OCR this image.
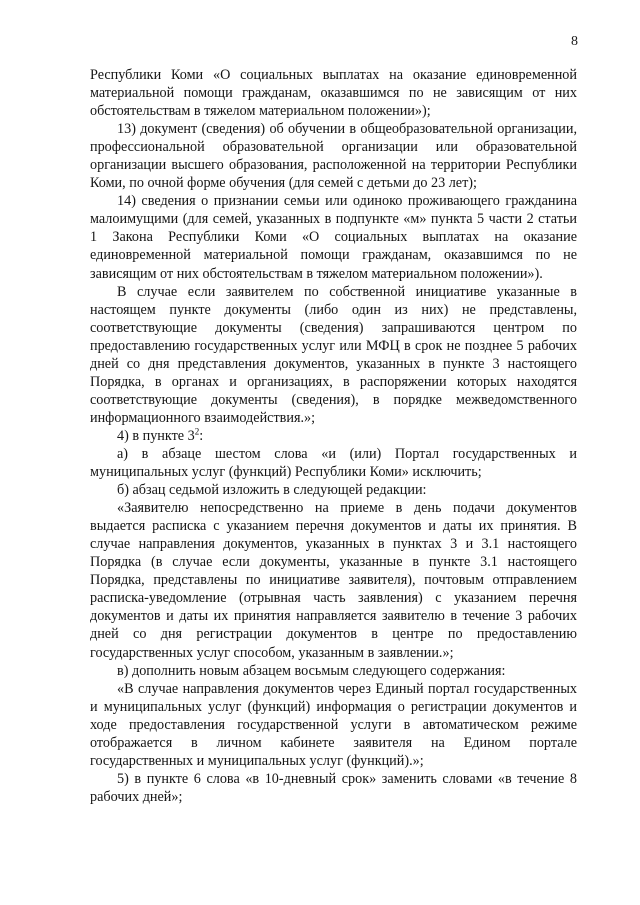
8

Республики Коми «О социальных выплатах на оказание единовременной материальной помощи гражданам, оказавшимся по не зависящим от них обстоятельствам в тяжелом материальном положении»);

13) документ (сведения) об обучении в общеобразовательной организации, профессиональной образовательной организации или образовательной организации высшего образования, расположенной на территории Республики Коми, по очной форме обучения (для семей с детьми до 23 лет);

14) сведения о признании семьи или одиноко проживающего гражданина малоимущими (для семей, указанных в подпункте «м» пункта 5 части 2 статьи 1 Закона Республики Коми «О социальных выплатах на оказание единовременной материальной помощи гражданам, оказавшимся по не зависящим от них обстоятельствам в тяжелом материальном положении»).

В случае если заявителем по собственной инициативе указанные в настоящем пункте документы (либо один из них) не представлены, соответствующие документы (сведения) запрашиваются центром по предоставлению государственных услуг или МФЦ в срок не позднее 5 рабочих дней со дня представления документов, указанных в пункте 3 настоящего Порядка, в органах и организациях, в распоряжении которых находятся соответствующие документы (сведения), в порядке межведомственного информационного взаимодействия.»;

4) в пункте $3^2$:

а) в абзаце шестом слова «и (или) Портал государственных и муниципальных услуг (функций) Республики Коми» исключить;

б) абзац седьмой изложить в следующей редакции:

«Заявителю непосредственно на приеме в день подачи документов выдается расписка с указанием перечня документов и даты их принятия. В случае направления документов, указанных в пунктах 3 и 3.1 настоящего Порядка (в случае если документы, указанные в пункте 3.1 настоящего Порядка, представлены по инициативе заявителя), почтовым отправлением расписка-уведомление (отрывная часть заявления) с указанием перечня документов и даты их принятия направляется заявителю в течение 3 рабочих дней со дня регистрации документов в центре по предоставлению государственных услуг способом, указанным в заявлении.»;

в) дополнить новым абзацем восьмым следующего содержания:

«В случае направления документов через Единый портал государственных и муниципальных услуг (функций) информация о регистрации документов и ходе предоставления государственной услуги в автоматическом режиме отображается в личном кабинете заявителя на Едином портале государственных и муниципальных услуг (функций).»;

5) в пункте 6 слова «в 10-дневный срок» заменить словами «в течение 8 рабочих дней»;
